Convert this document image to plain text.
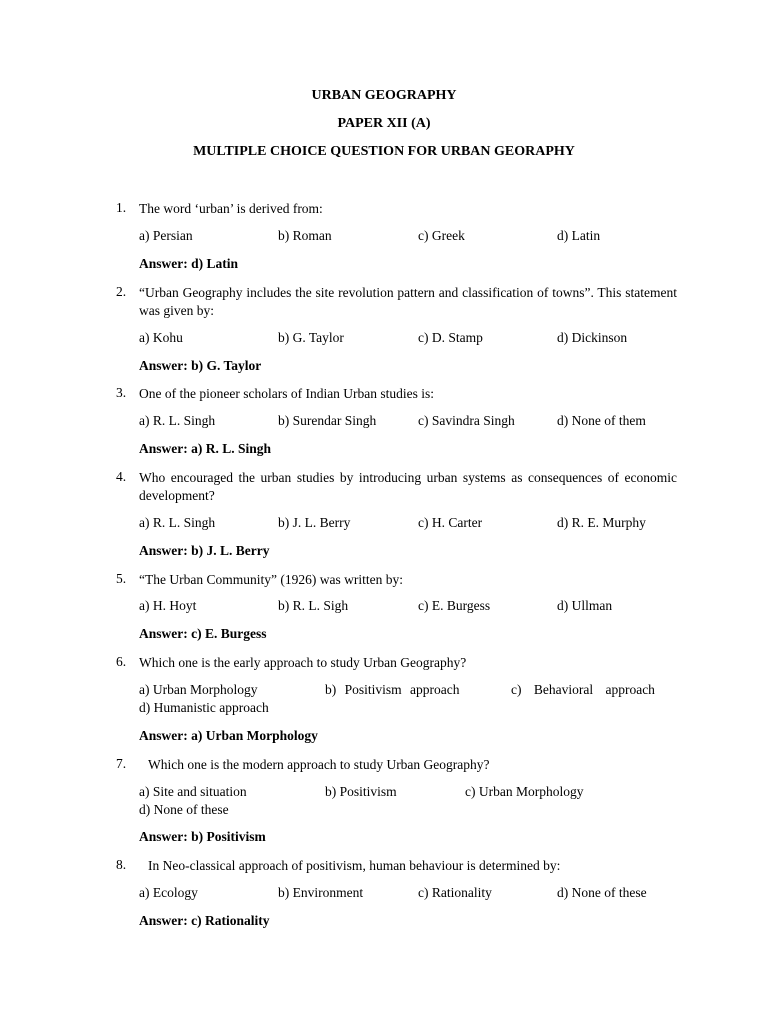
URBAN GEOGRAPHY
PAPER XII (A)
MULTIPLE CHOICE QUESTION FOR URBAN GEORAPHY
1. The word ‘urban’ is derived from:
a) Persian	b) Roman	c) Greek	d) Latin
Answer: d) Latin
2. “Urban Geography includes the site revolution pattern and classification of towns”. This statement was given by:
a) Kohu	b) G. Taylor	c) D. Stamp	d) Dickinson
Answer: b) G. Taylor
3. One of the pioneer scholars of Indian Urban studies is:
a) R. L. Singh	b) Surendar Singh	c) Savindra Singh	d) None of them
Answer: a) R. L. Singh
4. Who encouraged the urban studies by introducing urban systems as consequences of economic development?
a) R. L. Singh	b) J. L. Berry	c) H. Carter	d) R. E. Murphy
Answer: b) J. L. Berry
5. “The Urban Community” (1926) was written by:
a) H. Hoyt	b) R. L. Sigh	c) E. Burgess	d) Ullman
Answer: c) E. Burgess
6. Which one is the early approach to study Urban Geography?
a) Urban Morphology	b) Positivism approach	c) Behavioral approach
d) Humanistic approach
Answer: a) Urban Morphology
7. Which one is the modern approach to study Urban Geography?
a) Site and situation	b) Positivism	c) Urban Morphology
d) None of these
Answer: b) Positivism
8. In Neo-classical approach of positivism, human behaviour is determined by:
a) Ecology	b) Environment	c) Rationality	d) None of these
Answer: c) Rationality
